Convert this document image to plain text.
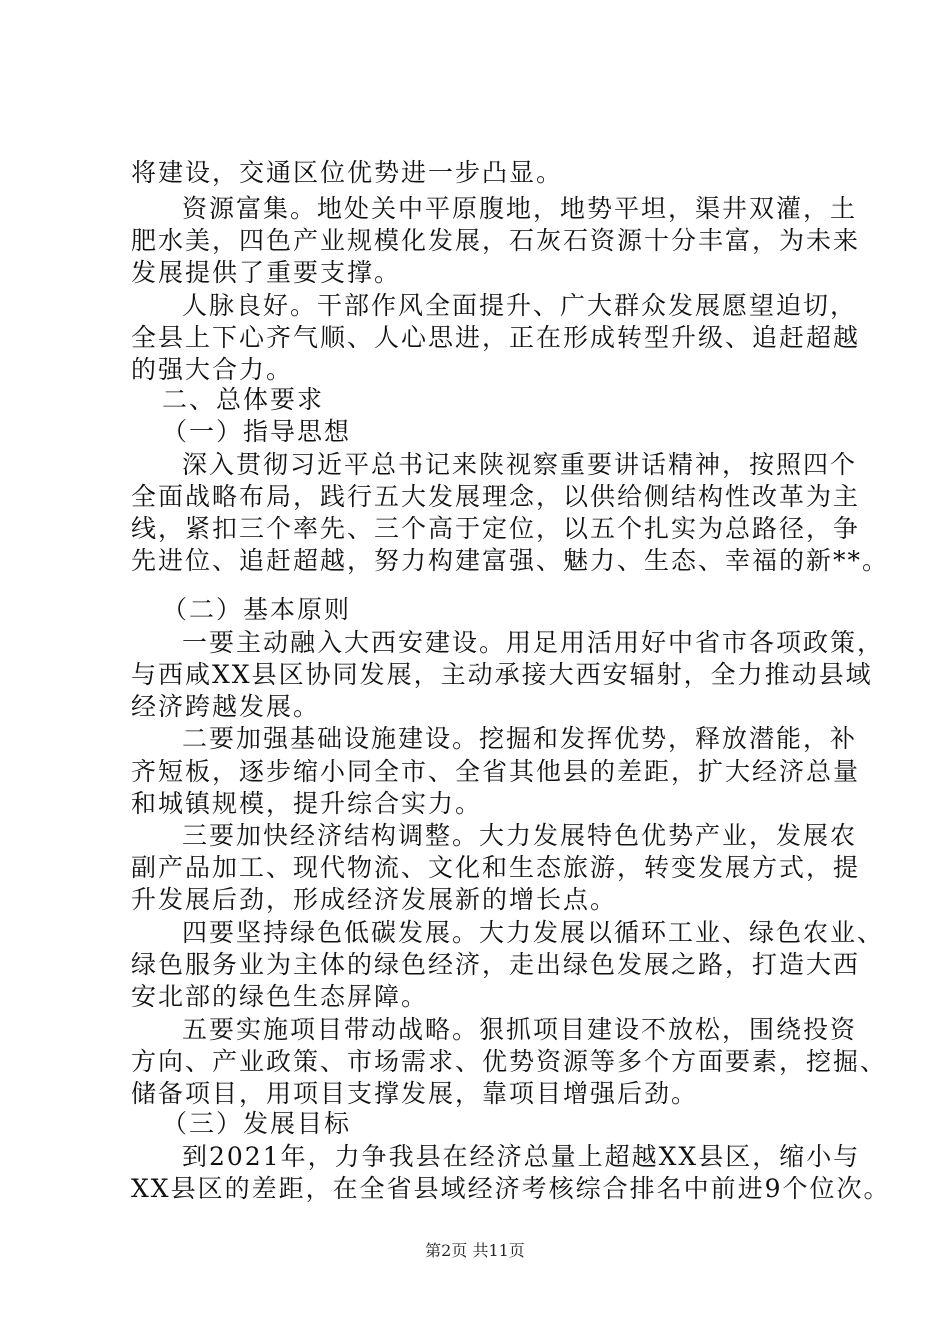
将建设，交通区位优势进一步凸显。
资源富集。地处关中平原腹地，地势平坦，渠井双灌，土
肥水美，四色产业规模化发展，石灰石资源十分丰富，为未来
发展提供了重要支撑。
人脉良好。干部作风全面提升、广大群众发展愿望迫切，
全县上下心齐气顺、人心思进，正在形成转型升级、追赶超越
的强大合力。
二、总体要求
（一）指导思想
深入贯彻习近平总书记来陕视察重要讲话精神，按照四个
全面战略布局，践行五大发展理念，以供给侧结构性改革为主
线，紧扣三个率先、三个高于定位，以五个扎实为总路径，争
先进位、追赶超越，努力构建富强、魅力、生态、幸福的新**。
（二）基本原则
一要主动融入大西安建设。用足用活用好中省市各项政策，
与西咸XX县区协同发展，主动承接大西安辐射，全力推动县域
经济跨越发展。
二要加强基础设施建设。挖掘和发挥优势，释放潜能，补
齐短板，逐步缩小同全市、全省其他县的差距，扩大经济总量
和城镇规模，提升综合实力。
三要加快经济结构调整。大力发展特色优势产业，发展农
副产品加工、现代物流、文化和生态旅游，转变发展方式，提
升发展后劲，形成经济发展新的增长点。
四要坚持绿色低碳发展。大力发展以循环工业、绿色农业、
绿色服务业为主体的绿色经济，走出绿色发展之路，打造大西
安北部的绿色生态屏障。
五要实施项目带动战略。狠抓项目建设不放松，围绕投资
方向、产业政策、市场需求、优势资源等多个方面要素，挖掘、
储备项目，用项目支撑发展，靠项目增强后劲。
（三）发展目标
到2021年，力争我县在经济总量上超越XX县区，缩小与
XX县区的差距，在全省县域经济考核综合排名中前进9个位次。
第2页 共11页
